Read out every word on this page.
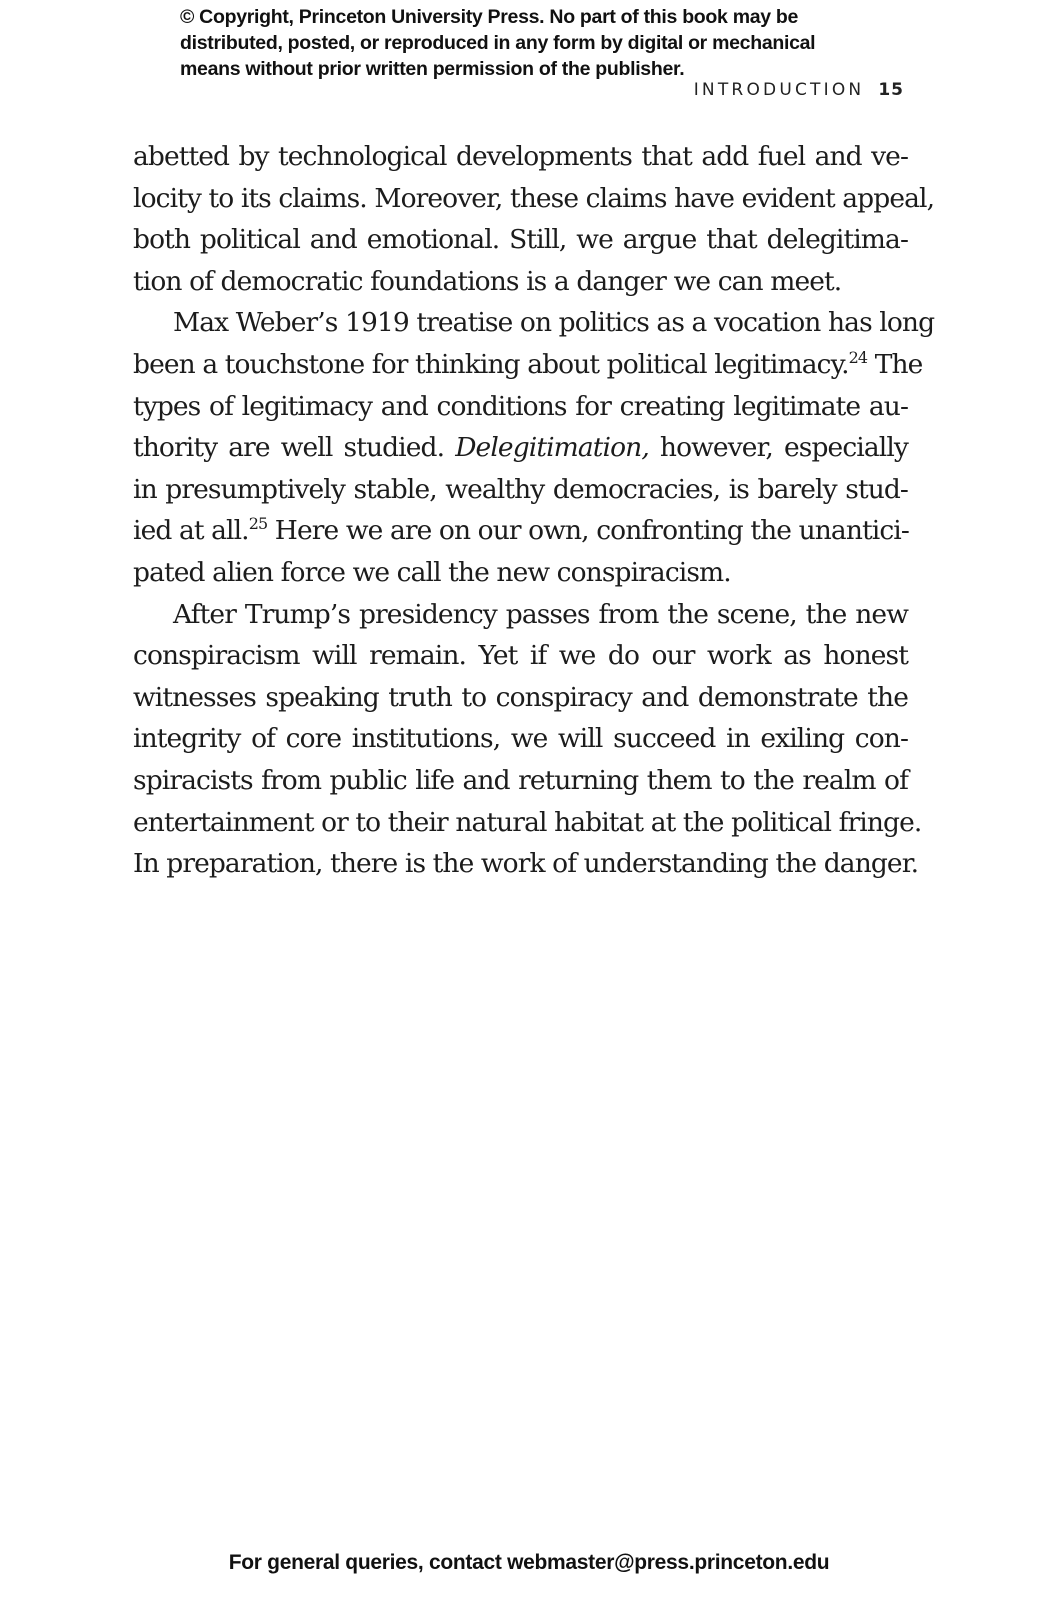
© Copyright, Princeton University Press. No part of this book may be
distributed, posted, or reproduced in any form by digital or mechanical
means without prior written permission of the publisher.
INTRODUCTION 15
abetted by technological developments that add fuel and ve-
locity to its claims. Moreover, these claims have evident appeal,
both political and emotional. Still, we argue that delegitima-
tion of democratic foundations is a danger we can meet.
Max Weber’s 1919 treatise on politics as a vocation has long
been a touchstone for thinking about political legitimacy.$^{24}$ The
types of legitimacy and conditions for creating legitimate au-
thority are well studied. Delegitimation, however, especially
in presumptively stable, wealthy democracies, is barely stud-
ied at all.$^{25}$ Here we are on our own, confronting the unantici-
pated alien force we call the new conspiracism.
After Trump’s presidency passes from the scene, the new
conspiracism will remain. Yet if we do our work as honest
witnesses speaking truth to conspiracy and demonstrate the
integrity of core institutions, we will succeed in exiling con-
spiracists from public life and returning them to the realm of
entertainment or to their natural habitat at the political fringe.
In preparation, there is the work of understanding the danger.
For general queries, contact webmaster@press.princeton.edu
